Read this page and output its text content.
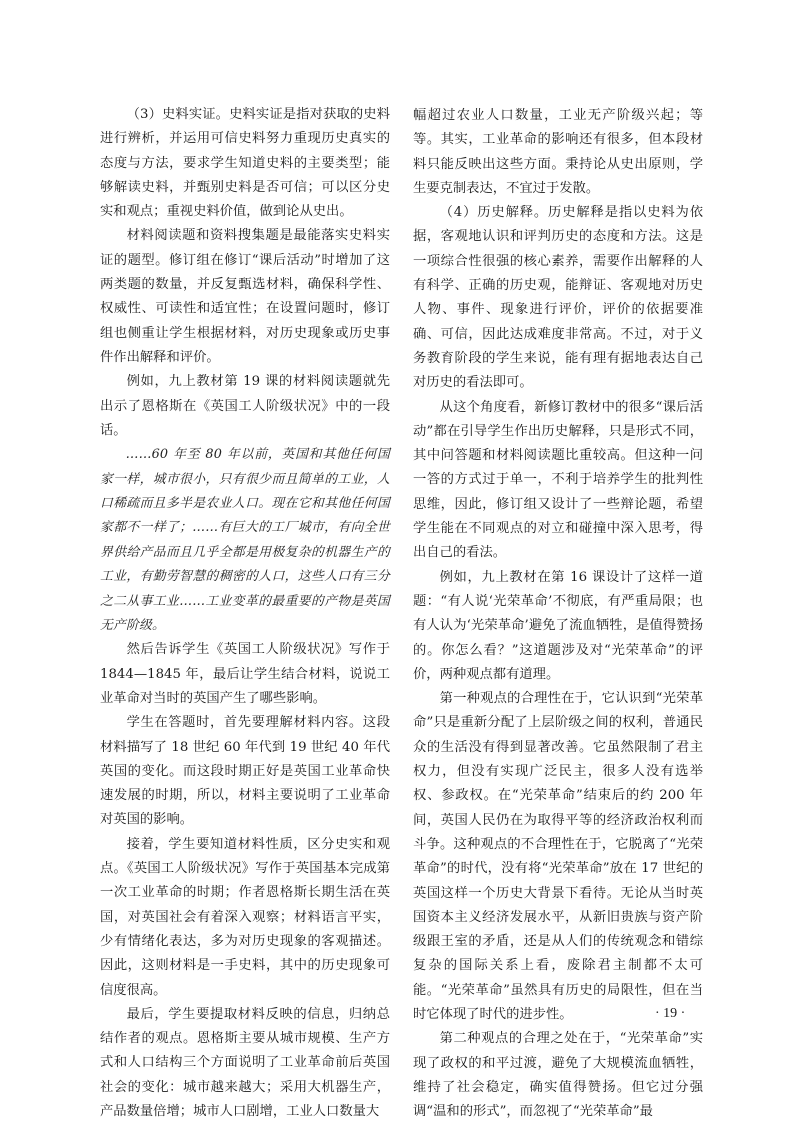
（3）史料实证。史料实证是指对获取的史料进行辨析，并运用可信史料努力重现历史真实的态度与方法，要求学生知道史料的主要类型；能够解读史料，并甄别史料是否可信；可以区分史实和观点；重视史料价值，做到论从史出。

材料阅读题和资料搜集题是最能落实史料实证的题型。修订组在修订“课后活动”时增加了这两类题的数量，并反复甄选材料，确保科学性、权威性、可读性和适宜性；在设置问题时，修订组也侧重让学生根据材料，对历史现象或历史事件作出解释和评价。

例如，九上教材第 19 课的材料阅读题就先出示了恩格斯在《英国工人阶级状况》中的一段话。

……60 年至 80 年以前，英国和其他任何国家一样，城市很小，只有很少而且简单的工业，人口稀疏而且多半是农业人口。现在它和其他任何国家都不一样了；……有巨大的工厂城市，有向全世界供给产品而且几乎全都是用极复杂的机器生产的工业，有勤劳智慧的稠密的人口，这些人口有三分之二从事工业……工业变革的最重要的产物是英国无产阶级。

然后告诉学生《英国工人阶级状况》写作于 1844—1845 年，最后让学生结合材料，说说工业革命对当时的英国产生了哪些影响。

学生在答题时，首先要理解材料内容。这段材料描写了 18 世纪 60 年代到 19 世纪 40 年代英国的变化。而这段时期正好是英国工业革命快速发展的时期，所以，材料主要说明了工业革命对英国的影响。

接着，学生要知道材料性质，区分史实和观点。《英国工人阶级状况》写作于英国基本完成第一次工业革命的时期；作者恩格斯长期生活在英国，对英国社会有着深入观察；材料语言平实，少有情绪化表达，多为对历史现象的客观描述。因此，这则材料是一手史料，其中的历史现象可信度很高。

最后，学生要提取材料反映的信息，归纳总结作者的观点。恩格斯主要从城市规模、生产方式和人口结构三个方面说明了工业革命前后英国社会的变化：城市越来越大；采用大机器生产，产品数量倍增；城市人口剧增，工业人口数量大

幅超过农业人口数量，工业无产阶级兴起；等等。其实，工业革命的影响还有很多，但本段材料只能反映出这些方面。秉持论从史出原则，学生要克制表达，不宜过于发散。

（4）历史解释。历史解释是指以史料为依据，客观地认识和评判历史的态度和方法。这是一项综合性很强的核心素养，需要作出解释的人有科学、正确的历史观，能辩证、客观地对历史人物、事件、现象进行评价，评价的依据要准确、可信，因此达成难度非常高。不过，对于义务教育阶段的学生来说，能有理有据地表达自己对历史的看法即可。

从这个角度看，新修订教材中的很多“课后活动”都在引导学生作出历史解释，只是形式不同，其中问答题和材料阅读题比重较高。但这种一问一答的方式过于单一，不利于培养学生的批判性思维，因此，修订组又设计了一些辩论题，希望学生能在不同观点的对立和碰撞中深入思考，得出自己的看法。

例如，九上教材在第 16 课设计了这样一道题：“有人说‘光荣革命’不彻底，有严重局限；也有人认为‘光荣革命’避免了流血牺牲，是值得赞扬的。你怎么看？”这道题涉及对“光荣革命”的评价，两种观点都有道理。

第一种观点的合理性在于，它认识到“光荣革命”只是重新分配了上层阶级之间的权利，普通民众的生活没有得到显著改善。它虽然限制了君主权力，但没有实现广泛民主，很多人没有选举权、参政权。在“光荣革命”结束后的约 200 年间，英国人民仍在为取得平等的经济政治权利而斗争。这种观点的不合理性在于，它脱离了“光荣革命”的时代，没有将“光荣革命”放在 17 世纪的英国这样一个历史大背景下看待。无论从当时英国资本主义经济发展水平，从新旧贵族与资产阶级跟王室的矛盾，还是从人们的传统观念和错综复杂的国际关系上看，废除君主制都不太可能。“光荣革命”虽然具有历史的局限性，但在当时它体现了时代的进步性。

第二种观点的合理之处在于，“光荣革命”实现了政权的和平过渡，避免了大规模流血牺牲，维持了社会稳定，确实值得赞扬。但它过分强调“温和的形式”，而忽视了“光荣革命”最

· 19 ·
